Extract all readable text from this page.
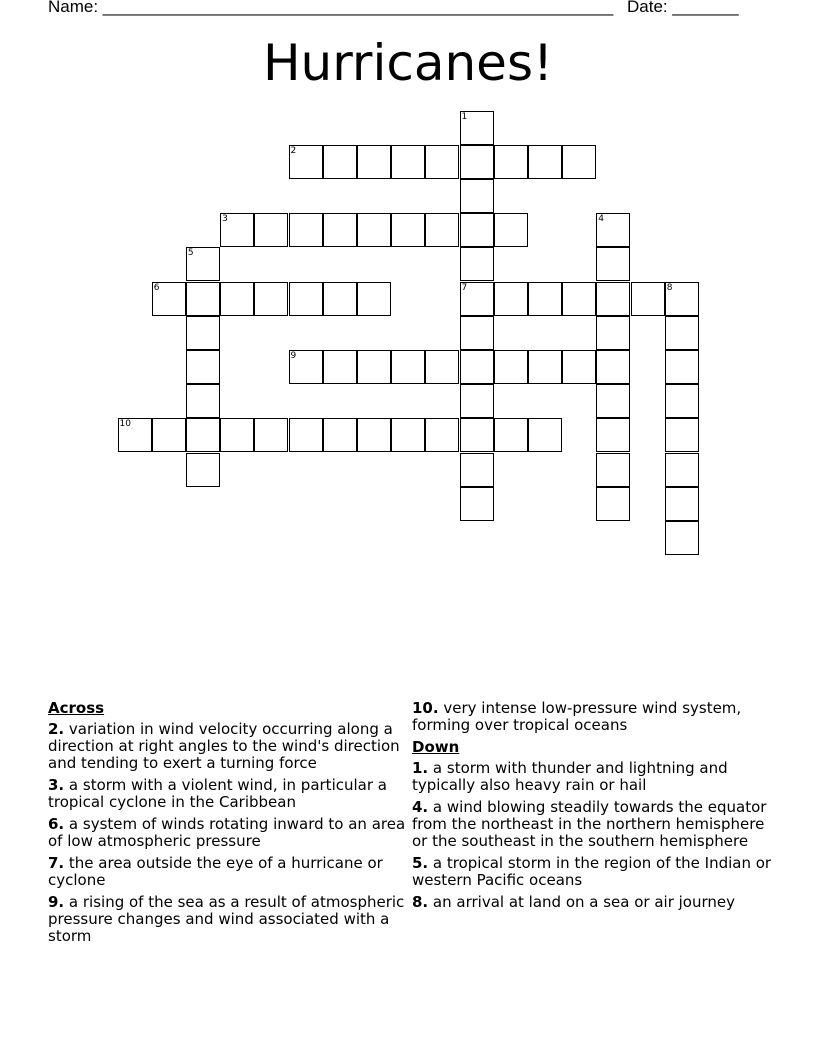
Name: ______________________________________________________ Date: _______
Hurricanes!
1
7
2
3	4
5
6	8
9
10
Across
2. variation in wind velocity occurring along a direction at right angles to the wind's direction and tending to exert a turning force
3. a storm with a violent wind, in particular a tropical cyclone in the Caribbean
6. a system of winds rotating inward to an area of low atmospheric pressure
7. the area outside the eye of a hurricane or cyclone
9. a rising of the sea as a result of atmospheric pressure changes and wind associated with a storm
10. very intense low-pressure wind system, forming over tropical oceans
Down
1. a storm with thunder and lightning and typically also heavy rain or hail
4. a wind blowing steadily towards the equator from the northeast in the northern hemisphere or the southeast in the southern hemisphere
5. a tropical storm in the region of the Indian or western Pacific oceans
8. an arrival at land on a sea or air journey
